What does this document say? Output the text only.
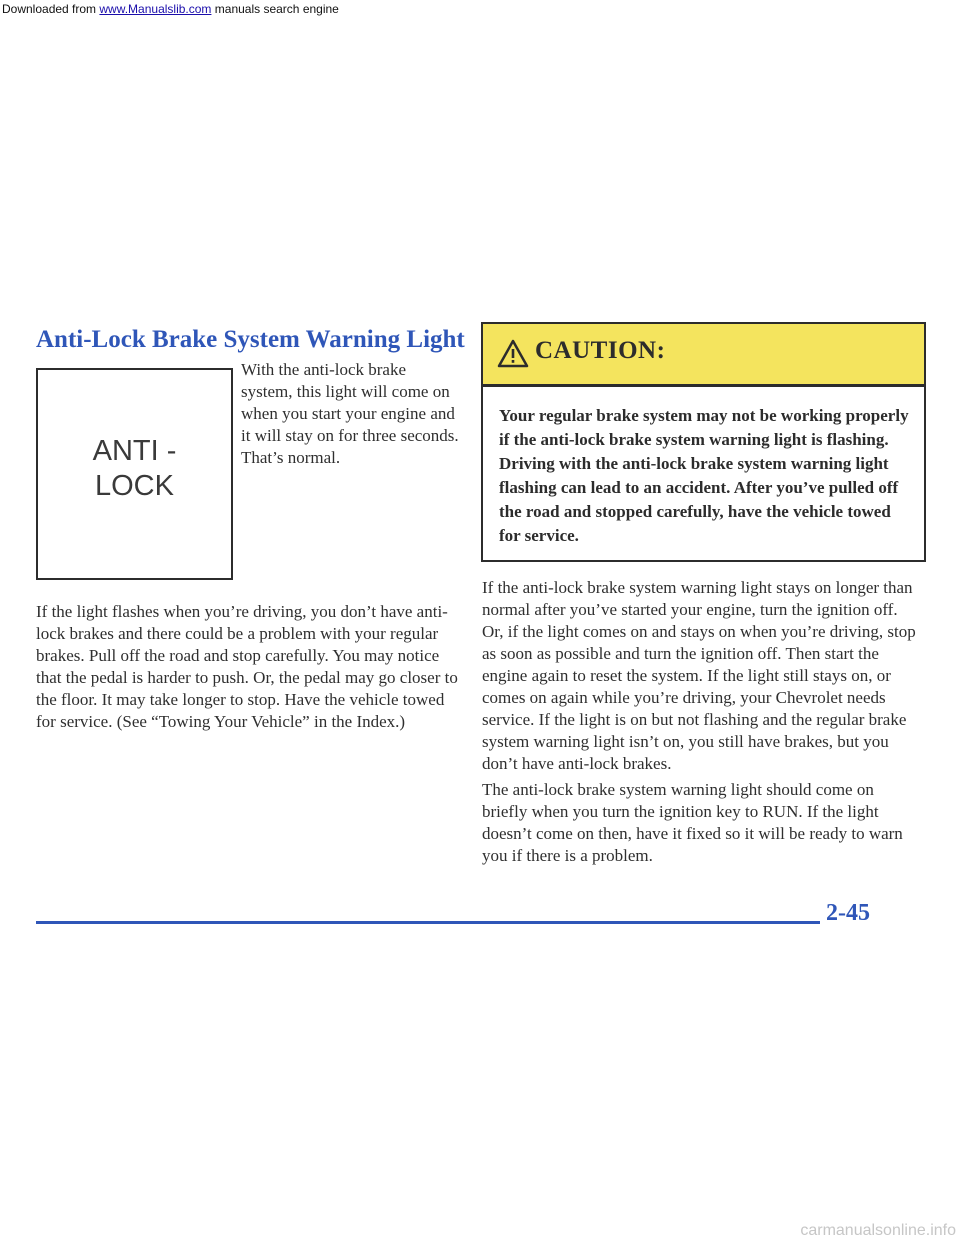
Downloaded from www.Manualslib.com manuals search engine
Anti-Lock Brake System Warning Light
ANTI -
LOCK

With the anti-lock brake system, this light will come on when you start your engine and it will stay on for three seconds. That’s normal.

If the light flashes when you’re driving, you don’t have anti-lock brakes and there could be a problem with your regular brakes. Pull off the road and stop carefully. You may notice that the pedal is harder to push. Or, the pedal may go closer to the floor. It may take longer to stop. Have the vehicle towed for service. (See “Towing Your Vehicle” in the Index.)

CAUTION:

Your regular brake system may not be working properly if the anti-lock brake system warning light is flashing. Driving with the anti-lock brake system warning light flashing can lead to an accident. After you’ve pulled off the road and stopped carefully, have the vehicle towed for service.

If the anti-lock brake system warning light stays on longer than normal after you’ve started your engine, turn the ignition off. Or, if the light comes on and stays on when you’re driving, stop as soon as possible and turn the ignition off. Then start the engine again to reset the system. If the light still stays on, or comes on again while you’re driving, your Chevrolet needs service. If the light is on but not flashing and the regular brake system warning light isn’t on, you still have brakes, but you don’t have anti-lock brakes.

The anti-lock brake system warning light should come on briefly when you turn the ignition key to RUN. If the light doesn’t come on then, have it fixed so it will be ready to warn you if there is a problem.

2-45
carmanualsonline.info
